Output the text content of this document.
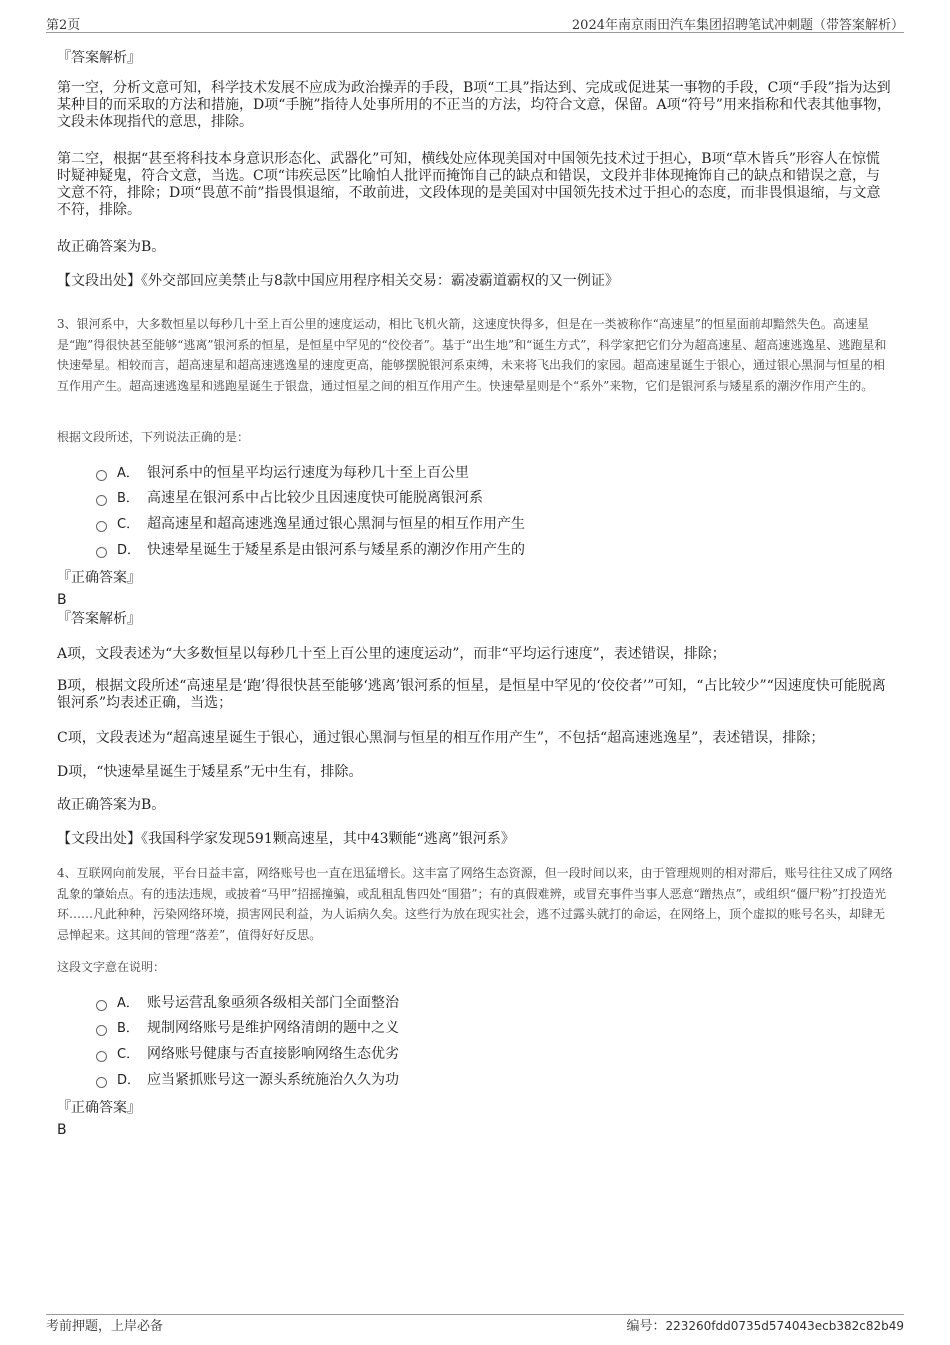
第2页	2024年南京雨田汽车集团招聘笔试冲刺题（带答案解析）

『答案解析』

第一空，分析文意可知，科学技术发展不应成为政治操弄的手段，B项“工具”指达到、完成或促进某一事物的手段，C项“手段”指为达到某种目的而采取的方法和措施，D项“手腕”指待人处事所用的不正当的方法，均符合文意，保留。A项“符号”用来指称和代表其他事物，文段未体现指代的意思，排除。

第二空，根据“甚至将科技本身意识形态化、武器化”可知，横线处应体现美国对中国领先技术过于担心，B项“草木皆兵”形容人在惊慌时疑神疑鬼，符合文意，当选。C项“讳疾忌医”比喻怕人批评而掩饰自己的缺点和错误，文段并非体现掩饰自己的缺点和错误之意，与文意不符，排除；D项“畏葸不前”指畏惧退缩，不敢前进，文段体现的是美国对中国领先技术过于担心的态度，而非畏惧退缩，与文意不符，排除。

故正确答案为B。

【文段出处】《外交部回应美禁止与8款中国应用程序相关交易：霸凌霸道霸权的又一例证》

3、银河系中，大多数恒星以每秒几十至上百公里的速度运动，相比飞机火箭，这速度快得多，但是在一类被称作“高速星”的恒星面前却黯然失色。高速星是“跑”得很快甚至能够“逃离”银河系的恒星，是恒星中罕见的“佼佼者”。基于“出生地”和“诞生方式”，科学家把它们分为超高速星、超高速逃逸星、逃跑星和快速晕星。相较而言，超高速星和超高速逃逸星的速度更高，能够摆脱银河系束缚，未来将飞出我们的家园。超高速星诞生于银心，通过银心黑洞与恒星的相互作用产生。超高速逃逸星和逃跑星诞生于银盘，通过恒星之间的相互作用产生。快速晕星则是个“系外”来物，它们是银河系与矮星系的潮汐作用产生的。

根据文段所述，下列说法正确的是：

A． 银河系中的恒星平均运行速度为每秒几十至上百公里
B． 高速星在银河系中占比较少且因速度快可能脱离银河系
C． 超高速星和超高速逃逸星通过银心黑洞与恒星的相互作用产生
D． 快速晕星诞生于矮星系是由银河系与矮星系的潮汐作用产生的

『正确答案』

B

『答案解析』

A项，文段表述为“大多数恒星以每秒几十至上百公里的速度运动”，而非“平均运行速度”，表述错误，排除；

B项，根据文段所述“高速星是‘跑’得很快甚至能够‘逃离’银河系的恒星，是恒星中罕见的‘佼佼者’”可知，“占比较少”“因速度快可能脱离银河系”均表述正确，当选；

C项，文段表述为“超高速星诞生于银心，通过银心黑洞与恒星的相互作用产生”，不包括“超高速逃逸星”，表述错误，排除；

D项，“快速晕星诞生于矮星系”无中生有，排除。

故正确答案为B。

【文段出处】《我国科学家发现591颗高速星，其中43颗能“逃离”银河系》

4、互联网向前发展，平台日益丰富，网络账号也一直在迅猛增长。这丰富了网络生态资源，但一段时间以来，由于管理规则的相对滞后，账号往往又成了网络乱象的肇始点。有的违法违规，或披着“马甲”招摇撞骗，或乱租乱售四处“围猎”；有的真假难辨，或冒充事件当事人恶意“蹭热点”，或组织“僵尸粉”打投造光环……凡此种种，污染网络环境，损害网民利益，为人诟病久矣。这些行为放在现实社会，逃不过露头就打的命运，在网络上，顶个虚拟的账号名头，却肆无忌惮起来。这其间的管理“落差”，值得好好反思。

这段文字意在说明：

A． 账号运营乱象亟须各级相关部门全面整治
B． 规制网络账号是维护网络清朗的题中之义
C． 网络账号健康与否直接影响网络生态优劣
D． 应当紧抓账号这一源头系统施治久久为功

『正确答案』

B
考前押题，上岸必备	编号：223260fdd0735d574043ecb382c82b49
